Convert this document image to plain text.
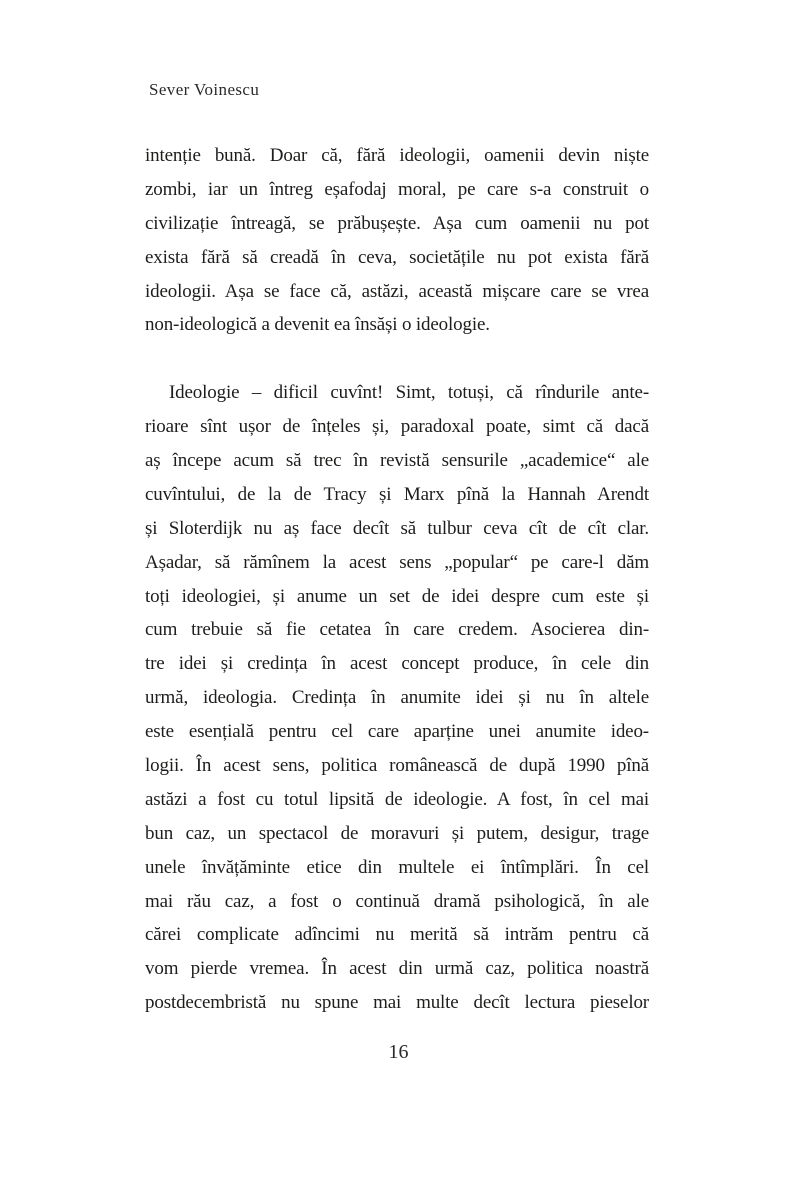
Sever Voinescu
intenție bună. Doar că, fără ideologii, oamenii devin niște
zombi, iar un întreg eșafodaj moral, pe care s-a construit o
civilizație întreagă, se prăbușește. Așa cum oamenii nu pot
exista fără să creadă în ceva, societățile nu pot exista fără
ideologii. Așa se face că, astăzi, această mișcare care se vrea
non-ideologică a devenit ea însăși o ideologie.
Ideologie – dificil cuvînt! Simt, totuși, că rîndurile ante-
rioare sînt ușor de înțeles și, paradoxal poate, simt că dacă
aș începe acum să trec în revistă sensurile „academice“ ale
cuvîntului, de la de Tracy și Marx pînă la Hannah Arendt
și Sloterdijk nu aș face decît să tulbur ceva cît de cît clar.
Așadar, să rămînem la acest sens „popular“ pe care-l dăm
toți ideologiei, și anume un set de idei despre cum este și
cum trebuie să fie cetatea în care credem. Asocierea din-
tre idei și credința în acest concept produce, în cele din
urmă, ideologia. Credința în anumite idei și nu în altele
este esențială pentru cel care aparține unei anumite ideo-
logii. În acest sens, politica românească de după 1990 pînă
astăzi a fost cu totul lipsită de ideologie. A fost, în cel mai
bun caz, un spectacol de moravuri și putem, desigur, trage
unele învățăminte etice din multele ei întîmplări. În cel
mai rău caz, a fost o continuă dramă psihologică, în ale
cărei complicate adîncimi nu merită să intrăm pentru că
vom pierde vremea. În acest din urmă caz, politica noastră
postdecembristă nu spune mai multe decît lectura pieselor
16
